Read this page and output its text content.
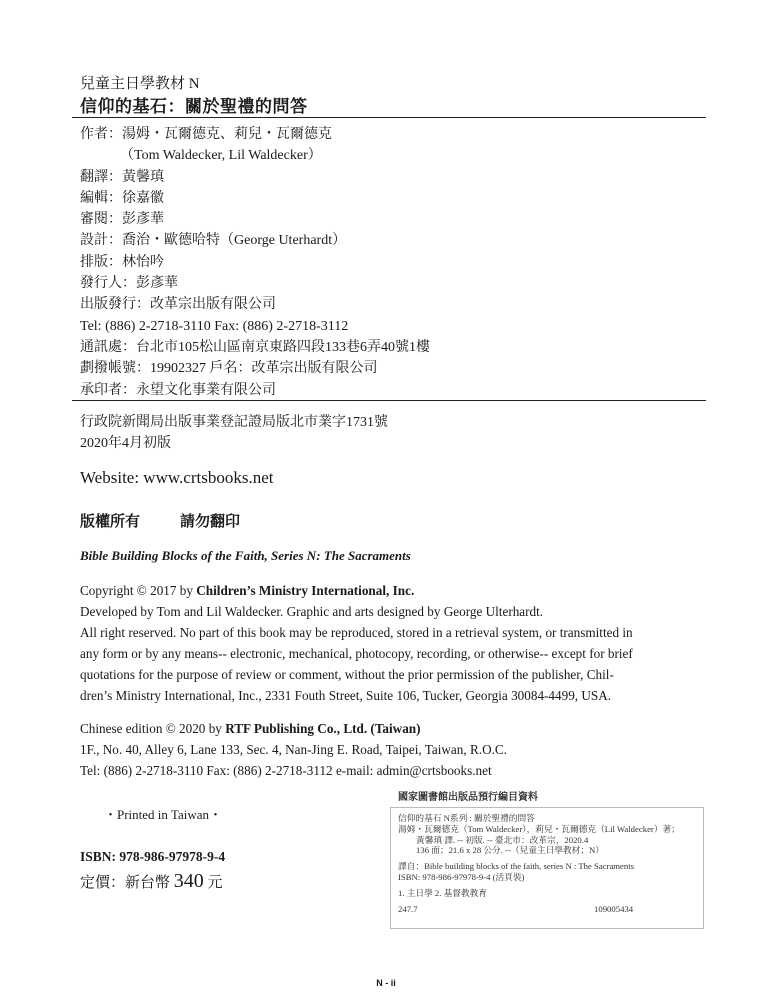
兒童主日學教材 N
信仰的基石：關於聖禮的問答
作者：湯姆・瓦爾德克、莉兒・瓦爾德克
（Tom Waldecker, Lil Waldecker）
翻譯：黃馨瑱
編輯：徐嘉徽
審閱：彭彥華
設計：喬治・歐德哈特（George Uterhardt）
排版：林怡吟
發行人：彭彥華
出版發行：改革宗出版有限公司
Tel: (886) 2-2718-3110 Fax: (886) 2-2718-3112
通訊處：台北市105松山區南京東路四段133巷6弄40號1樓
劃撥帳號：19902327 戶名：改革宗出版有限公司
承印者：永望文化事業有限公司
行政院新聞局出版事業登記證局版北市業字1731號
2020年4月初版
Website: www.crtsbooks.net
版權所有	請勿翻印
Bible Building Blocks of the Faith, Series N: The Sacraments
Copyright © 2017 by Children’s Ministry International, Inc.
Developed by Tom and Lil Waldecker. Graphic and arts designed by George Ulterhardt.
All right reserved. No part of this book may be reproduced, stored in a retrieval system, or transmitted in
any form or by any means-- electronic, mechanical, photocopy, recording, or otherwise-- except for brief
quotations for the purpose of review or comment, without the prior permission of the publisher, Chil-
dren’s Ministry International, Inc., 2331 Fouth Street, Suite 106, Tucker, Georgia 30084-4499, USA.
Chinese edition © 2020 by RTF Publishing Co., Ltd. (Taiwan)
1F., No. 40, Alley 6, Lane 133, Sec. 4, Nan-Jing E. Road, Taipei, Taiwan, R.O.C.
Tel: (886) 2-2718-3110 Fax: (886) 2-2718-3112 e-mail: admin@crtsbooks.net
・Printed in Taiwan・
ISBN: 978-986-97978-9-4
定價：新台幣 340 元
國家圖書館出版品預行編目資料
信仰的基石 N系列 : 關於聖禮的問答
湯姆・瓦爾德克（Tom Waldecker），莉兒・瓦爾德克（Lil Waldecker）著；
黃馨瑱 譯. -- 初版. -- 臺北市：改革宗，2020.4
136 面；21.6 x 28 公分. --（兒童主日學教材；N）
譯自：Bible building blocks of the faith, series N : The Sacraments
ISBN: 978-986-97978-9-4 (活頁裝)
1. 主日學 2. 基督教教育
247.7	109005434
N - ii
